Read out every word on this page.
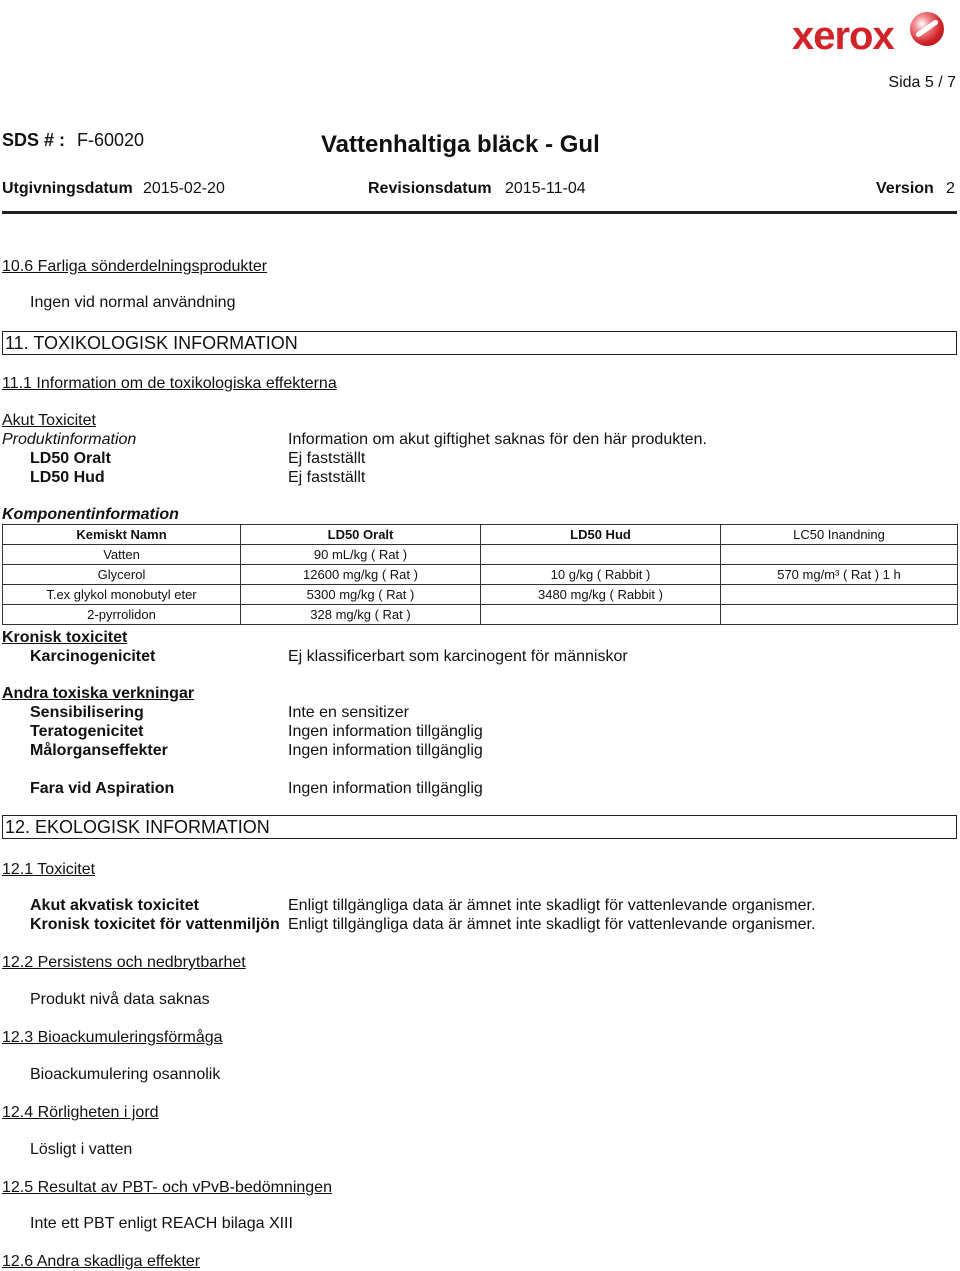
xerox
Sida 5 / 7
SDS # : F-60020	Vattenhaltiga bläck - Gul
Utgivningsdatum 2015-02-20	Revisionsdatum 2015-11-04	Version 2
10.6 Farliga sönderdelningsprodukter
Ingen vid normal användning
11. TOXIKOLOGISK INFORMATION
11.1 Information om de toxikologiska effekterna
Akut Toxicitet
Produktinformation	Information om akut giftighet saknas för den här produkten.
LD50 Oralt	Ej fastställt
LD50 Hud	Ej fastställt
Komponentinformation
Kemiskt Namn	LD50 Oralt	LD50 Hud	LC50 Inandning
Vatten	90 mL/kg ( Rat )		
Glycerol	12600 mg/kg ( Rat )	10 g/kg ( Rabbit )	570 mg/m³ ( Rat ) 1 h
T.ex glykol monobutyl eter	5300 mg/kg ( Rat )	3480 mg/kg ( Rabbit )	
2-pyrrolidon	328 mg/kg ( Rat )		
Kronisk toxicitet
Karcinogenicitet	Ej klassificerbart som karcinogent för människor
Andra toxiska verkningar
Sensibilisering	Inte en sensitizer
Teratogenicitet	Ingen information tillgänglig
Målorganseffekter	Ingen information tillgänglig
Fara vid Aspiration	Ingen information tillgänglig
12. EKOLOGISK INFORMATION
12.1 Toxicitet
Akut akvatisk toxicitet	Enligt tillgängliga data är ämnet inte skadligt för vattenlevande organismer.
Kronisk toxicitet för vattenmiljön Enligt tillgängliga data är ämnet inte skadligt för vattenlevande organismer.
12.2 Persistens och nedbrytbarhet
Produkt nivå data saknas
12.3 Bioackumuleringsförmåga
Bioackumulering osannolik
12.4 Rörligheten i jord
Lösligt i vatten
12.5 Resultat av PBT- och vPvB-bedömningen
Inte ett PBT enligt REACH bilaga XIII
12.6 Andra skadliga effekter
